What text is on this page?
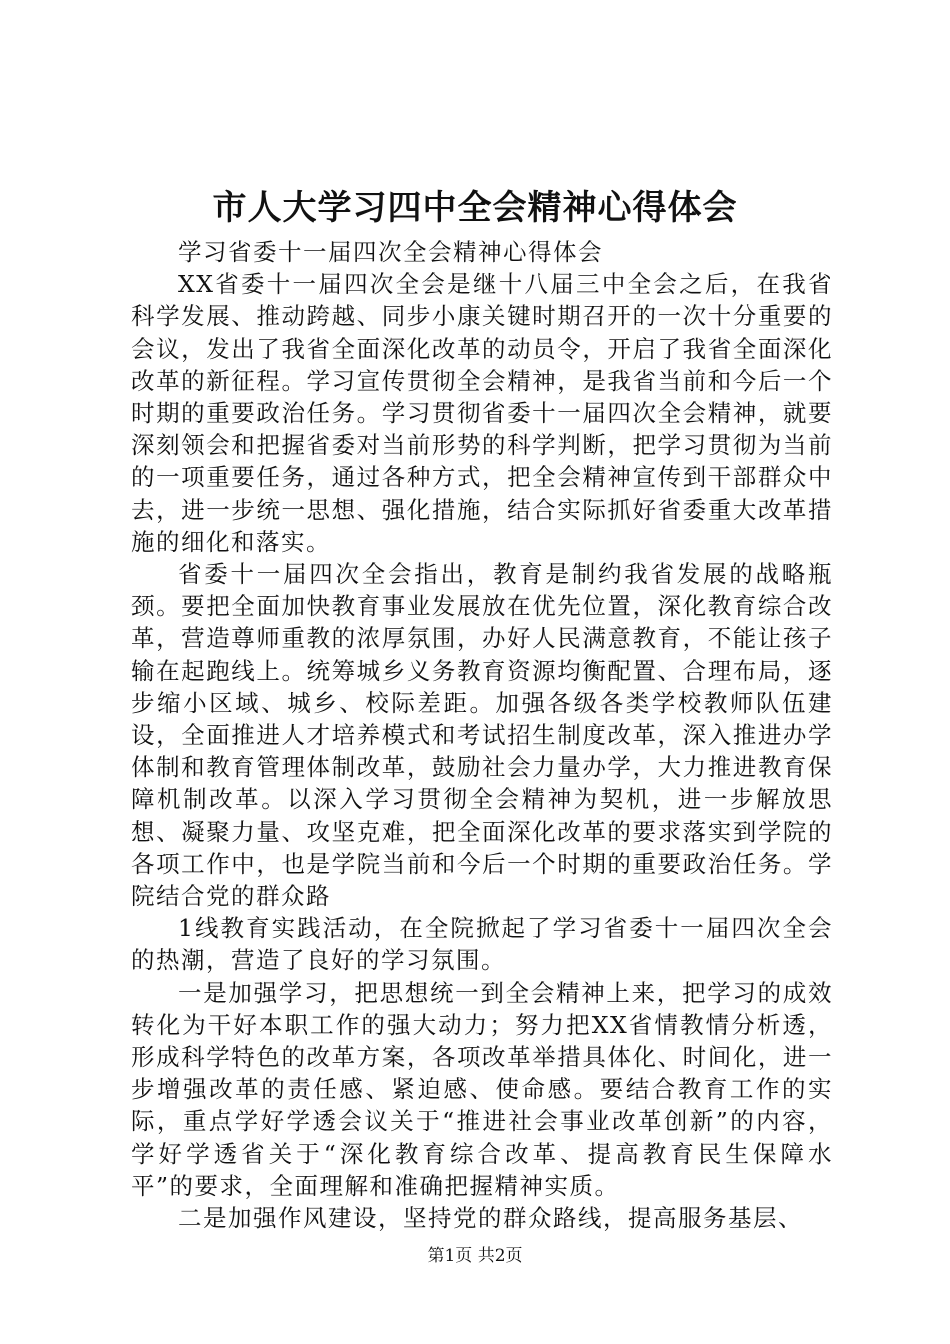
市人大学习四中全会精神心得体会

学习省委十一届四次全会精神心得体会

XX省委十一届四次全会是继十八届三中全会之后，在我省科学发展、推动跨越、同步小康关键时期召开的一次十分重要的会议，发出了我省全面深化改革的动员令，开启了我省全面深化改革的新征程。学习宣传贯彻全会精神，是我省当前和今后一个时期的重要政治任务。学习贯彻省委十一届四次全会精神，就要深刻领会和把握省委对当前形势的科学判断，把学习贯彻为当前的一项重要任务，通过各种方式，把全会精神宣传到干部群众中去，进一步统一思想、强化措施，结合实际抓好省委重大改革措施的细化和落实。

省委十一届四次全会指出，教育是制约我省发展的战略瓶颈。要把全面加快教育事业发展放在优先位置，深化教育综合改革，营造尊师重教的浓厚氛围，办好人民满意教育，不能让孩子输在起跑线上。统筹城乡义务教育资源均衡配置、合理布局，逐步缩小区域、城乡、校际差距。加强各级各类学校教师队伍建设，全面推进人才培养模式和考试招生制度改革，深入推进办学体制和教育管理体制改革，鼓励社会力量办学，大力推进教育保障机制改革。以深入学习贯彻全会精神为契机，进一步解放思想、凝聚力量、攻坚克难，把全面深化改革的要求落实到学院的各项工作中，也是学院当前和今后一个时期的重要政治任务。学院结合党的群众路

1线教育实践活动，在全院掀起了学习省委十一届四次全会的热潮，营造了良好的学习氛围。

一是加强学习，把思想统一到全会精神上来，把学习的成效转化为干好本职工作的强大动力；努力把XX省情教情分析透，形成科学特色的改革方案，各项改革举措具体化、时间化，进一步增强改革的责任感、紧迫感、使命感。要结合教育工作的实际，重点学好学透会议关于“推进社会事业改革创新”的内容，学好学透省关于“深化教育综合改革、提高教育民生保障水平”的要求，全面理解和准确把握精神实质。

二是加强作风建设，坚持党的群众路线，提高服务基层、

第1页 共2页
